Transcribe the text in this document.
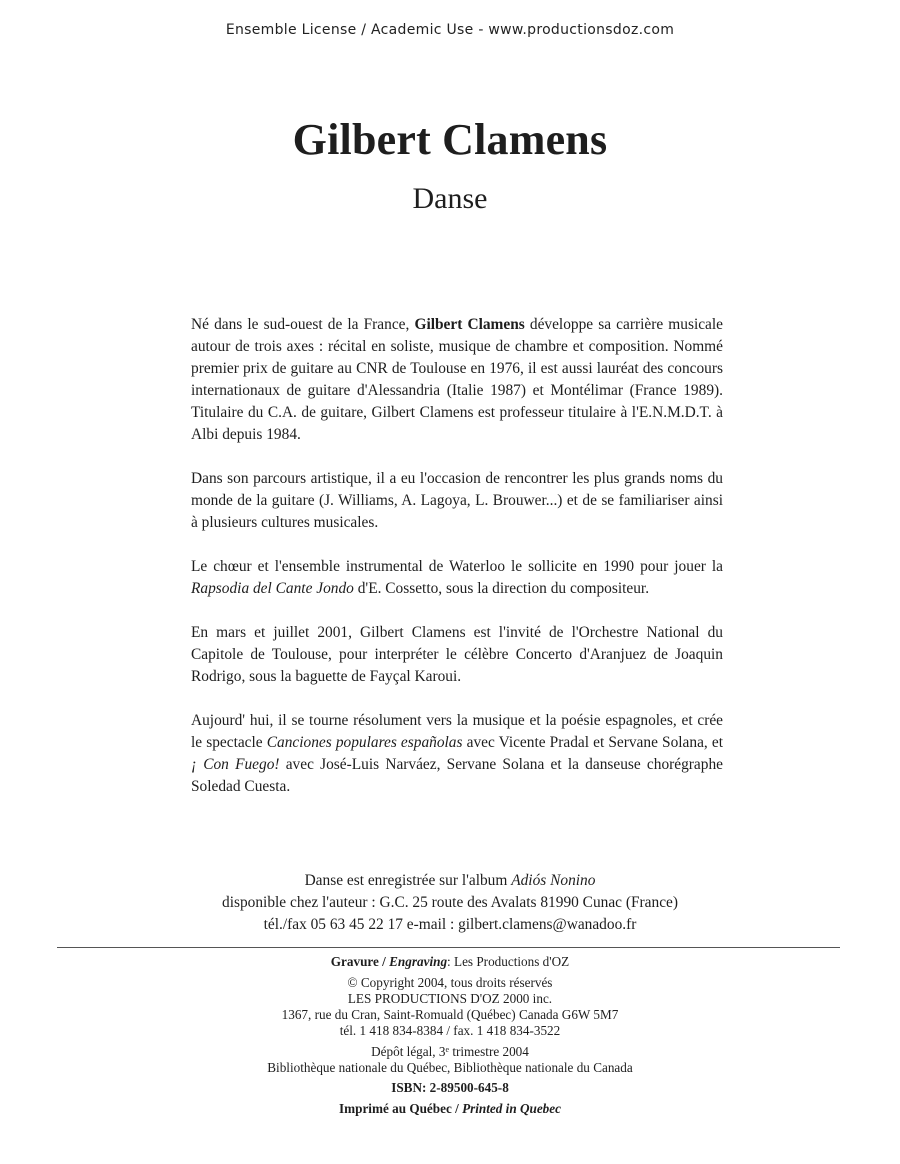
Ensemble License / Academic Use - www.productionsdoz.com
Gilbert Clamens
Danse

Né dans le sud-ouest de la France, Gilbert Clamens développe sa carrière musicale autour de trois axes : récital en soliste, musique de chambre et composition. Nommé premier prix de guitare au CNR de Toulouse en 1976, il est aussi lauréat des concours internationaux de guitare d'Alessandria (Italie 1987) et Montélimar (France 1989). Titulaire du C.A. de guitare, Gilbert Clamens est professeur titulaire à l'E.N.M.D.T. à Albi depuis 1984.

Dans son parcours artistique, il a eu l'occasion de rencontrer les plus grands noms du monde de la guitare (J. Williams, A. Lagoya, L. Brouwer...) et de se familiariser ainsi à plusieurs cultures musicales.

Le chœur et l'ensemble instrumental de Waterloo le sollicite en 1990 pour jouer la Rapsodia del Cante Jondo d'E. Cossetto, sous la direction du compositeur.

En mars et juillet 2001, Gilbert Clamens est l'invité de l'Orchestre National du Capitole de Toulouse, pour interpréter le célèbre Concerto d'Aranjuez de Joaquin Rodrigo, sous la baguette de Fayçal Karoui.

Aujourd' hui, il se tourne résolument vers la musique et la poésie espagnoles, et crée le spectacle Canciones populares españolas avec Vicente Pradal et Servane Solana, et ¡ Con Fuego! avec José-Luis Narváez, Servane Solana et la danseuse chorégraphe Soledad Cuesta.

Danse est enregistrée sur l'album Adiós Nonino
disponible chez l'auteur : G.C. 25 route des Avalats 81990 Cunac (France)
tél./fax 05 63 45 22 17 e-mail : gilbert.clamens@wanadoo.fr
Gravure / Engraving: Les Productions d'OZ
© Copyright 2004, tous droits réservés
LES PRODUCTIONS D'OZ 2000 inc.
1367, rue du Cran, Saint-Romuald (Québec) Canada G6W 5M7
tél. 1 418 834-8384 / fax. 1 418 834-3522
Dépôt légal, 3e trimestre 2004
Bibliothèque nationale du Québec, Bibliothèque nationale du Canada
ISBN: 2-89500-645-8
Imprimé au Québec / Printed in Quebec
